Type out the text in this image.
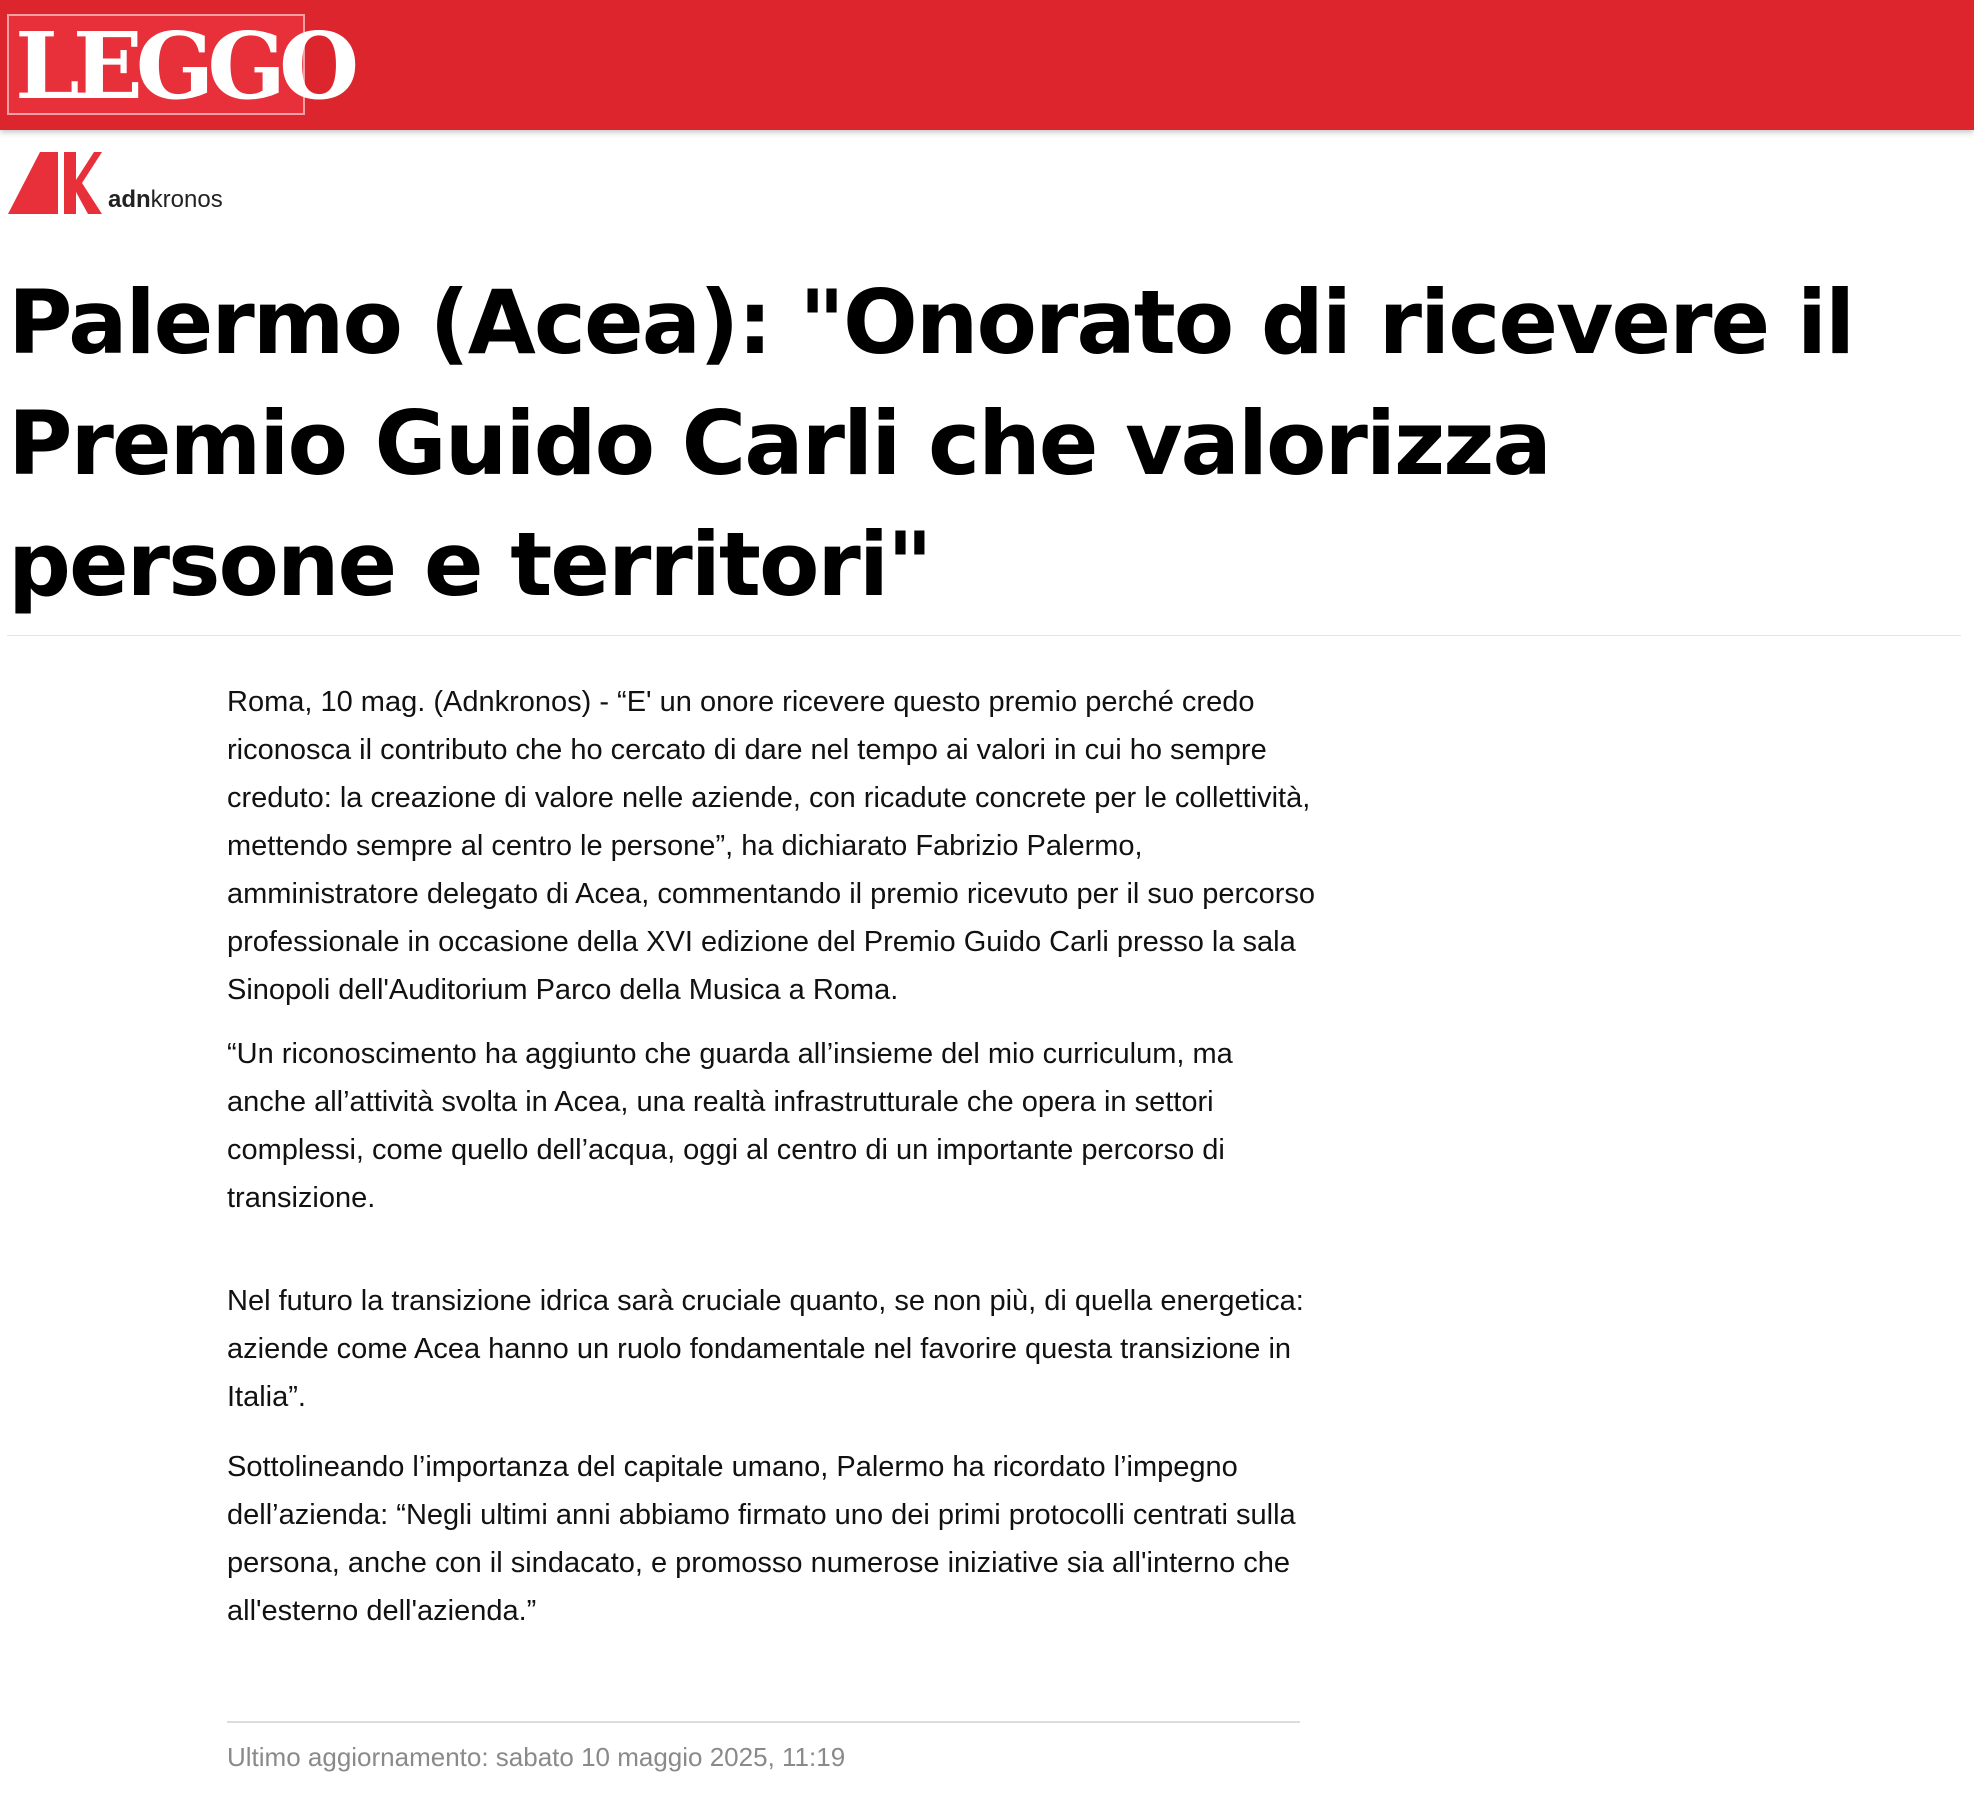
LEGGO
adnkronos
Palermo (Acea): "Onorato di ricevere il Premio Guido Carli che valorizza persone e territori"

Roma, 10 mag. (Adnkronos) - “E' un onore ricevere questo premio perché credo riconosca il contributo che ho cercato di dare nel tempo ai valori in cui ho sempre creduto: la creazione di valore nelle aziende, con ricadute concrete per le collettività, mettendo sempre al centro le persone”, ha dichiarato Fabrizio Palermo, amministratore delegato di Acea, commentando il premio ricevuto per il suo percorso professionale in occasione della XVI edizione del Premio Guido Carli presso la sala Sinopoli dell'Auditorium Parco della Musica a Roma.

“Un riconoscimento ha aggiunto che guarda all’insieme del mio curriculum, ma anche all’attività svolta in Acea, una realtà infrastrutturale che opera in settori complessi, come quello dell’acqua, oggi al centro di un importante percorso di transizione.

Nel futuro la transizione idrica sarà cruciale quanto, se non più, di quella energetica: aziende come Acea hanno un ruolo fondamentale nel favorire questa transizione in Italia”.

Sottolineando l’importanza del capitale umano, Palermo ha ricordato l’impegno dell’azienda: “Negli ultimi anni abbiamo firmato uno dei primi protocolli centrati sulla persona, anche con il sindacato, e promosso numerose iniziative sia all'interno che all'esterno dell'azienda.”

Ultimo aggiornamento: sabato 10 maggio 2025, 11:19
